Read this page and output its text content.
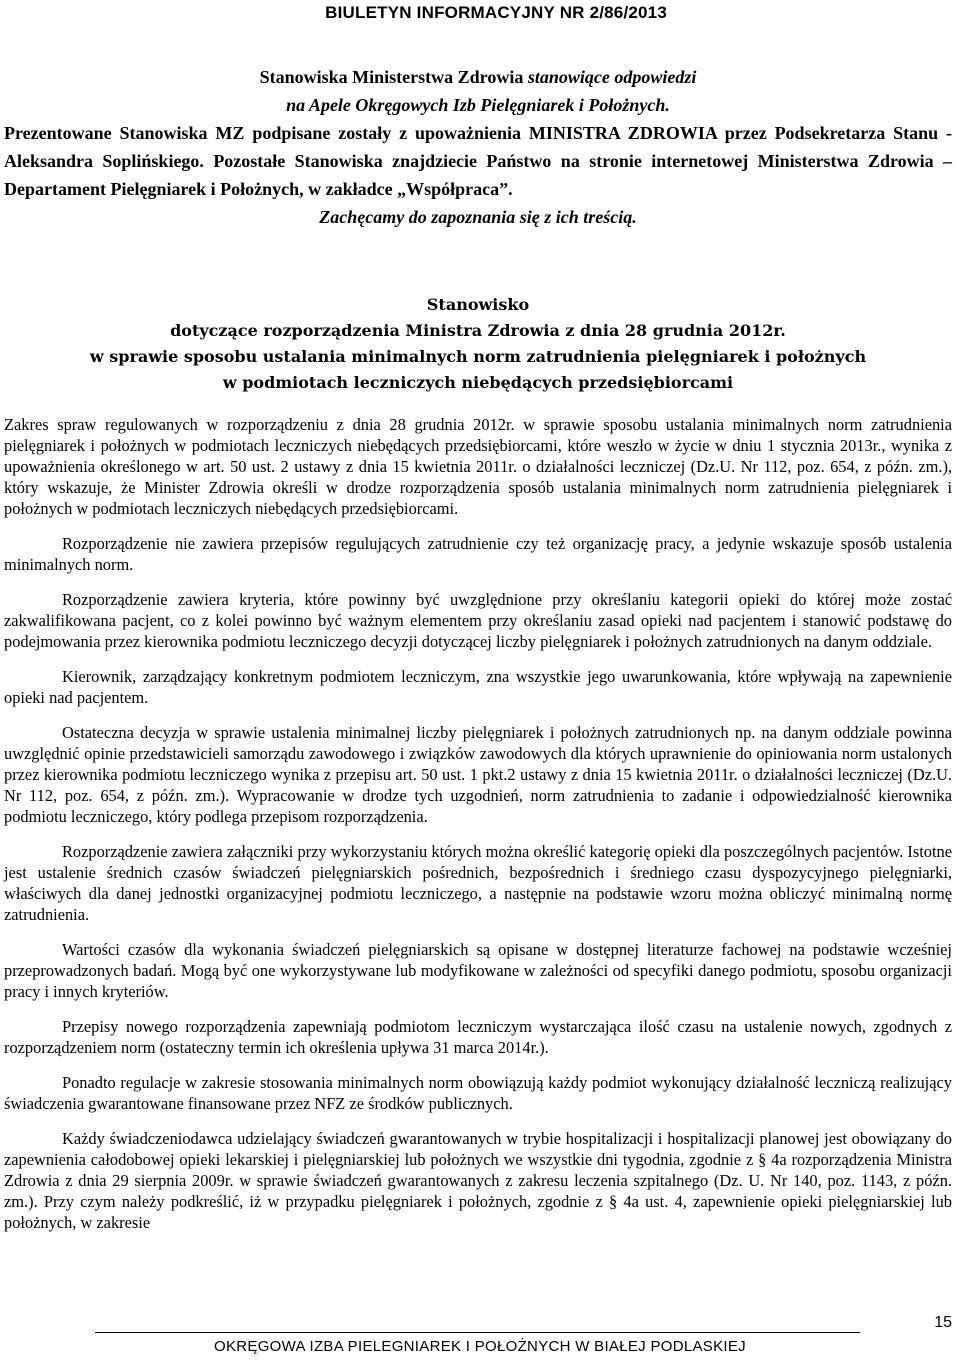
BIULETYN INFORMACYJNY NR 2/86/2013
Stanowiska Ministerstwa Zdrowia stanowiące odpowiedzi
na Apele Okręgowych Izb Pielęgniarek i Położnych.
Prezentowane Stanowiska MZ podpisane zostały z upoważnienia MINISTRA ZDROWIA przez Podsekretarza Stanu - Aleksandra Soplińskiego. Pozostałe Stanowiska znajdziecie Państwo na stronie internetowej Ministerstwa Zdrowia – Departament Pielęgniarek i Położnych, w zakładce „Współpraca”.
Zachęcamy do zapoznania się z ich treścią.
Stanowisko
dotyczące rozporządzenia Ministra Zdrowia z dnia 28 grudnia 2012r.
w sprawie sposobu ustalania minimalnych norm zatrudnienia pielęgniarek i położnych
w podmiotach leczniczych niebędących przedsiębiorcami

Zakres spraw regulowanych w rozporządzeniu z dnia 28 grudnia 2012r. w sprawie sposobu ustalania minimalnych norm zatrudnienia pielęgniarek i położnych w podmiotach leczniczych niebędących przedsiębiorcami, które weszło w życie w dniu 1 stycznia 2013r., wynika z upoważnienia określonego w art. 50 ust. 2 ustawy z dnia 15 kwietnia 2011r. o działalności leczniczej (Dz.U. Nr 112, poz. 654, z późn. zm.), który wskazuje, że Minister Zdrowia określi w drodze rozporządzenia sposób ustalania minimalnych norm zatrudnienia pielęgniarek i położnych w podmiotach leczniczych niebędących przedsiębiorcami.

Rozporządzenie nie zawiera przepisów regulujących zatrudnienie czy też organizację pracy, a jedynie wskazuje sposób ustalenia minimalnych norm.

Rozporządzenie zawiera kryteria, które powinny być uwzględnione przy określaniu kategorii opieki do której może zostać zakwalifikowana pacjent, co z kolei powinno być ważnym elementem przy określaniu zasad opieki nad pacjentem i stanowić podstawę do podejmowania przez kierownika podmiotu leczniczego decyzji dotyczącej liczby pielęgniarek i położnych zatrudnionych na danym oddziale.

Kierownik, zarządzający konkretnym podmiotem leczniczym, zna wszystkie jego uwarunkowania, które wpływają na zapewnienie opieki nad pacjentem.

Ostateczna decyzja w sprawie ustalenia minimalnej liczby pielęgniarek i położnych zatrudnionych np. na danym oddziale powinna uwzględnić opinie przedstawicieli samorządu zawodowego i związków zawodowych dla których uprawnienie do opiniowania norm ustalonych przez kierownika podmiotu leczniczego wynika z przepisu art. 50 ust. 1 pkt.2 ustawy z dnia 15 kwietnia 2011r. o działalności leczniczej (Dz.U. Nr 112, poz. 654, z późn. zm.). Wypracowanie w drodze tych uzgodnień, norm zatrudnienia to zadanie i odpowiedzialność kierownika podmiotu leczniczego, który podlega przepisom rozporządzenia.

Rozporządzenie zawiera załączniki przy wykorzystaniu których można określić kategorię opieki dla poszczególnych pacjentów. Istotne jest ustalenie średnich czasów świadczeń pielęgniarskich pośrednich, bezpośrednich i średniego czasu dyspozycyjnego pielęgniarki, właściwych dla danej jednostki organizacyjnej podmiotu leczniczego, a następnie na podstawie wzoru można obliczyć minimalną normę zatrudnienia.

Wartości czasów dla wykonania świadczeń pielęgniarskich są opisane w dostępnej literaturze fachowej na podstawie wcześniej przeprowadzonych badań. Mogą być one wykorzystywane lub modyfikowane w zależności od specyfiki danego podmiotu, sposobu organizacji pracy i innych kryteriów.

Przepisy nowego rozporządzenia zapewniają podmiotom leczniczym wystarczająca ilość czasu na ustalenie nowych, zgodnych z rozporządzeniem norm (ostateczny termin ich określenia upływa 31 marca 2014r.).

Ponadto regulacje w zakresie stosowania minimalnych norm obowiązują każdy podmiot wykonujący działalność leczniczą realizujący świadczenia gwarantowane finansowane przez NFZ ze środków publicznych.

Każdy świadczeniodawca udzielający świadczeń gwarantowanych w trybie hospitalizacji i hospitalizacji planowej jest obowiązany do zapewnienia całodobowej opieki lekarskiej i pielęgniarskiej lub położnych we wszystkie dni tygodnia, zgodnie z § 4a rozporządzenia Ministra Zdrowia z dnia 29 sierpnia 2009r. w sprawie świadczeń gwarantowanych z zakresu leczenia szpitalnego (Dz. U. Nr 140, poz. 1143, z późn. zm.). Przy czym należy podkreślić, iż w przypadku pielęgniarek i położnych, zgodnie z § 4a ust. 4, zapewnienie opieki pielęgniarskiej lub położnych, w zakresie

15
OKRĘGOWA IZBA PIELEGNIAREK I POŁOŻNYCH W BIAŁEJ PODLASKIEJ
